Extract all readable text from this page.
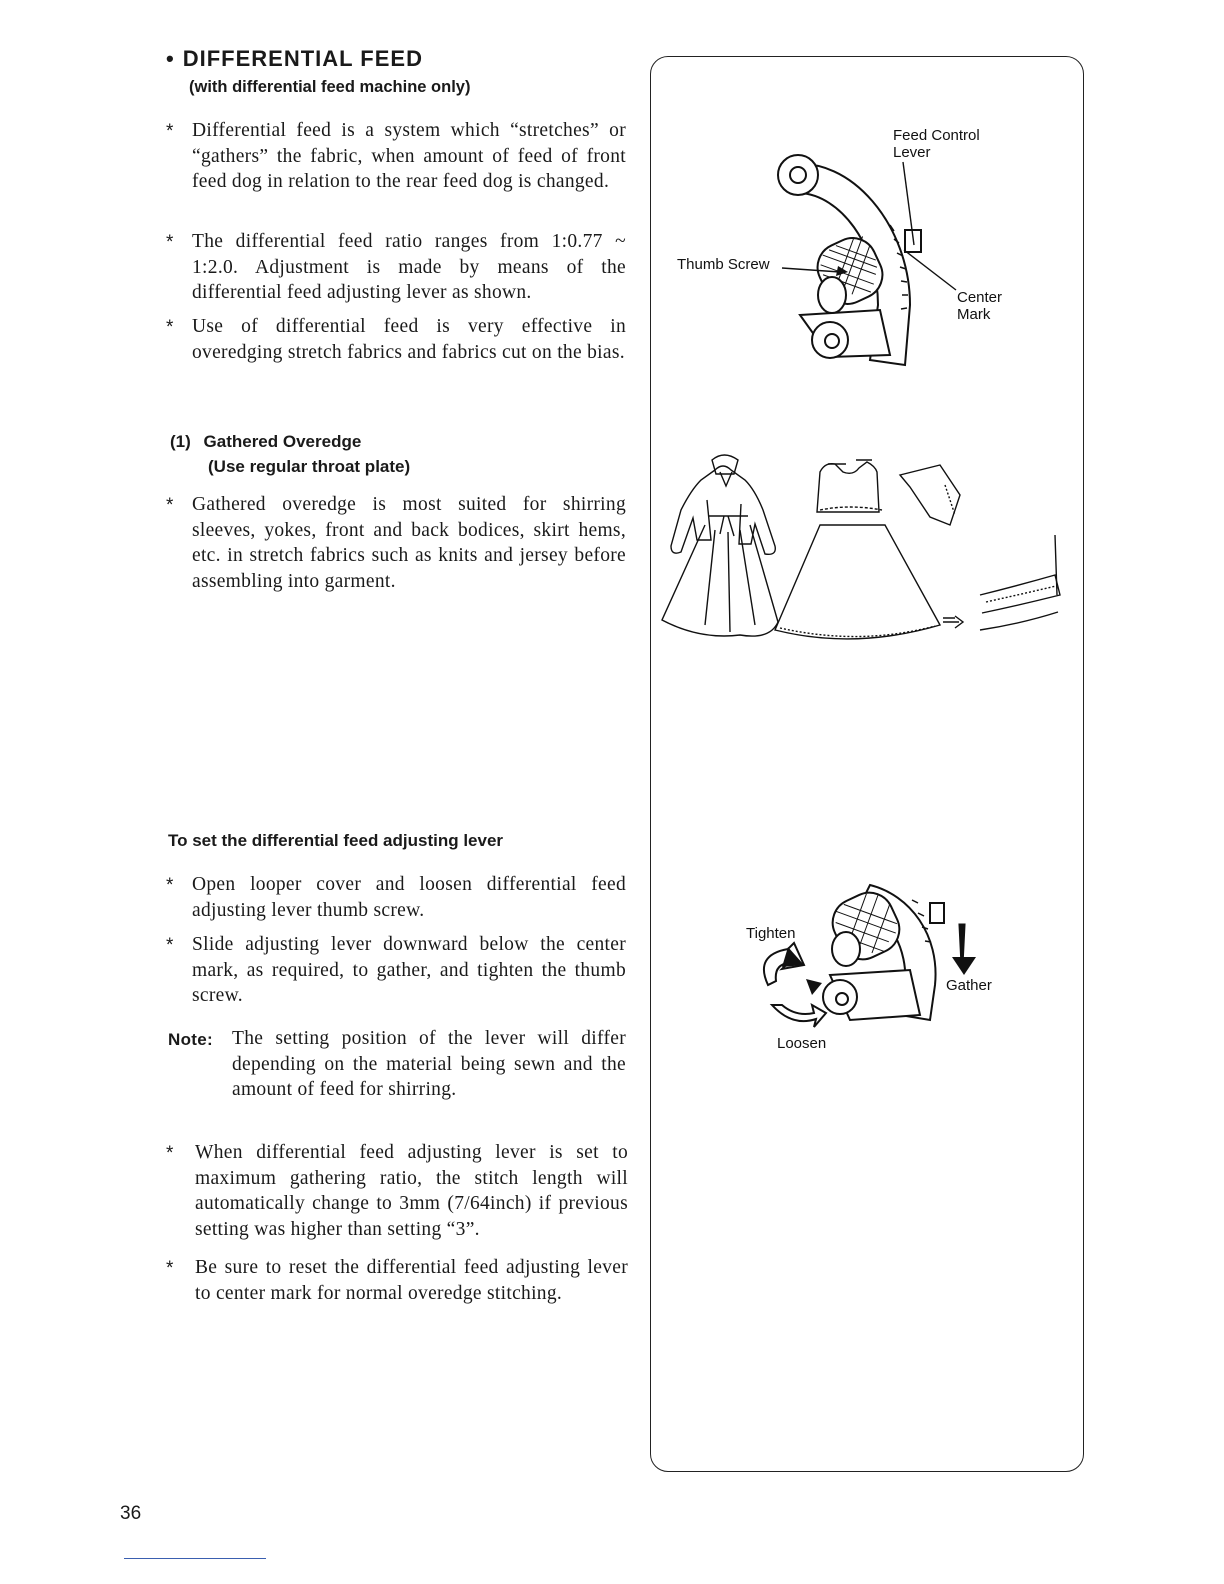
• DIFFERENTIAL FEED
(with differential feed machine only)
* Differential feed is a system which “stretches” or “gathers” the fabric, when amount of feed of front feed dog in relation to the rear feed dog is changed.
* The differential feed ratio ranges from 1:0.77 ~ 1:2.0. Adjustment is made by means of the differential feed adjusting lever as shown.
* Use of differential feed is very effective in overedging stretch fabrics and fabrics cut on the bias.
(1) Gathered Overedge
(Use regular throat plate)
* Gathered overedge is most suited for shirring sleeves, yokes, front and back bodices, skirt hems, etc. in stretch fabrics such as knits and jersey before assembling into garment.
To set the differential feed adjusting lever
* Open looper cover and loosen differential feed adjusting lever thumb screw.
* Slide adjusting lever downward below the center mark, as required, to gather, and tighten the thumb screw.
Note: The setting position of the lever will differ depending on the material being sewn and the amount of feed for shirring.
* When differential feed adjusting lever is set to maximum gathering ratio, the stitch length will automatically change to 3mm (7/64inch) if previous setting was higher than setting “3”.
* Be sure to reset the differential feed adjusting lever to center mark for normal overedge stitching.
Feed Control
Lever
Thumb Screw
Center
Mark
Tighten
Loosen
Gather
36
